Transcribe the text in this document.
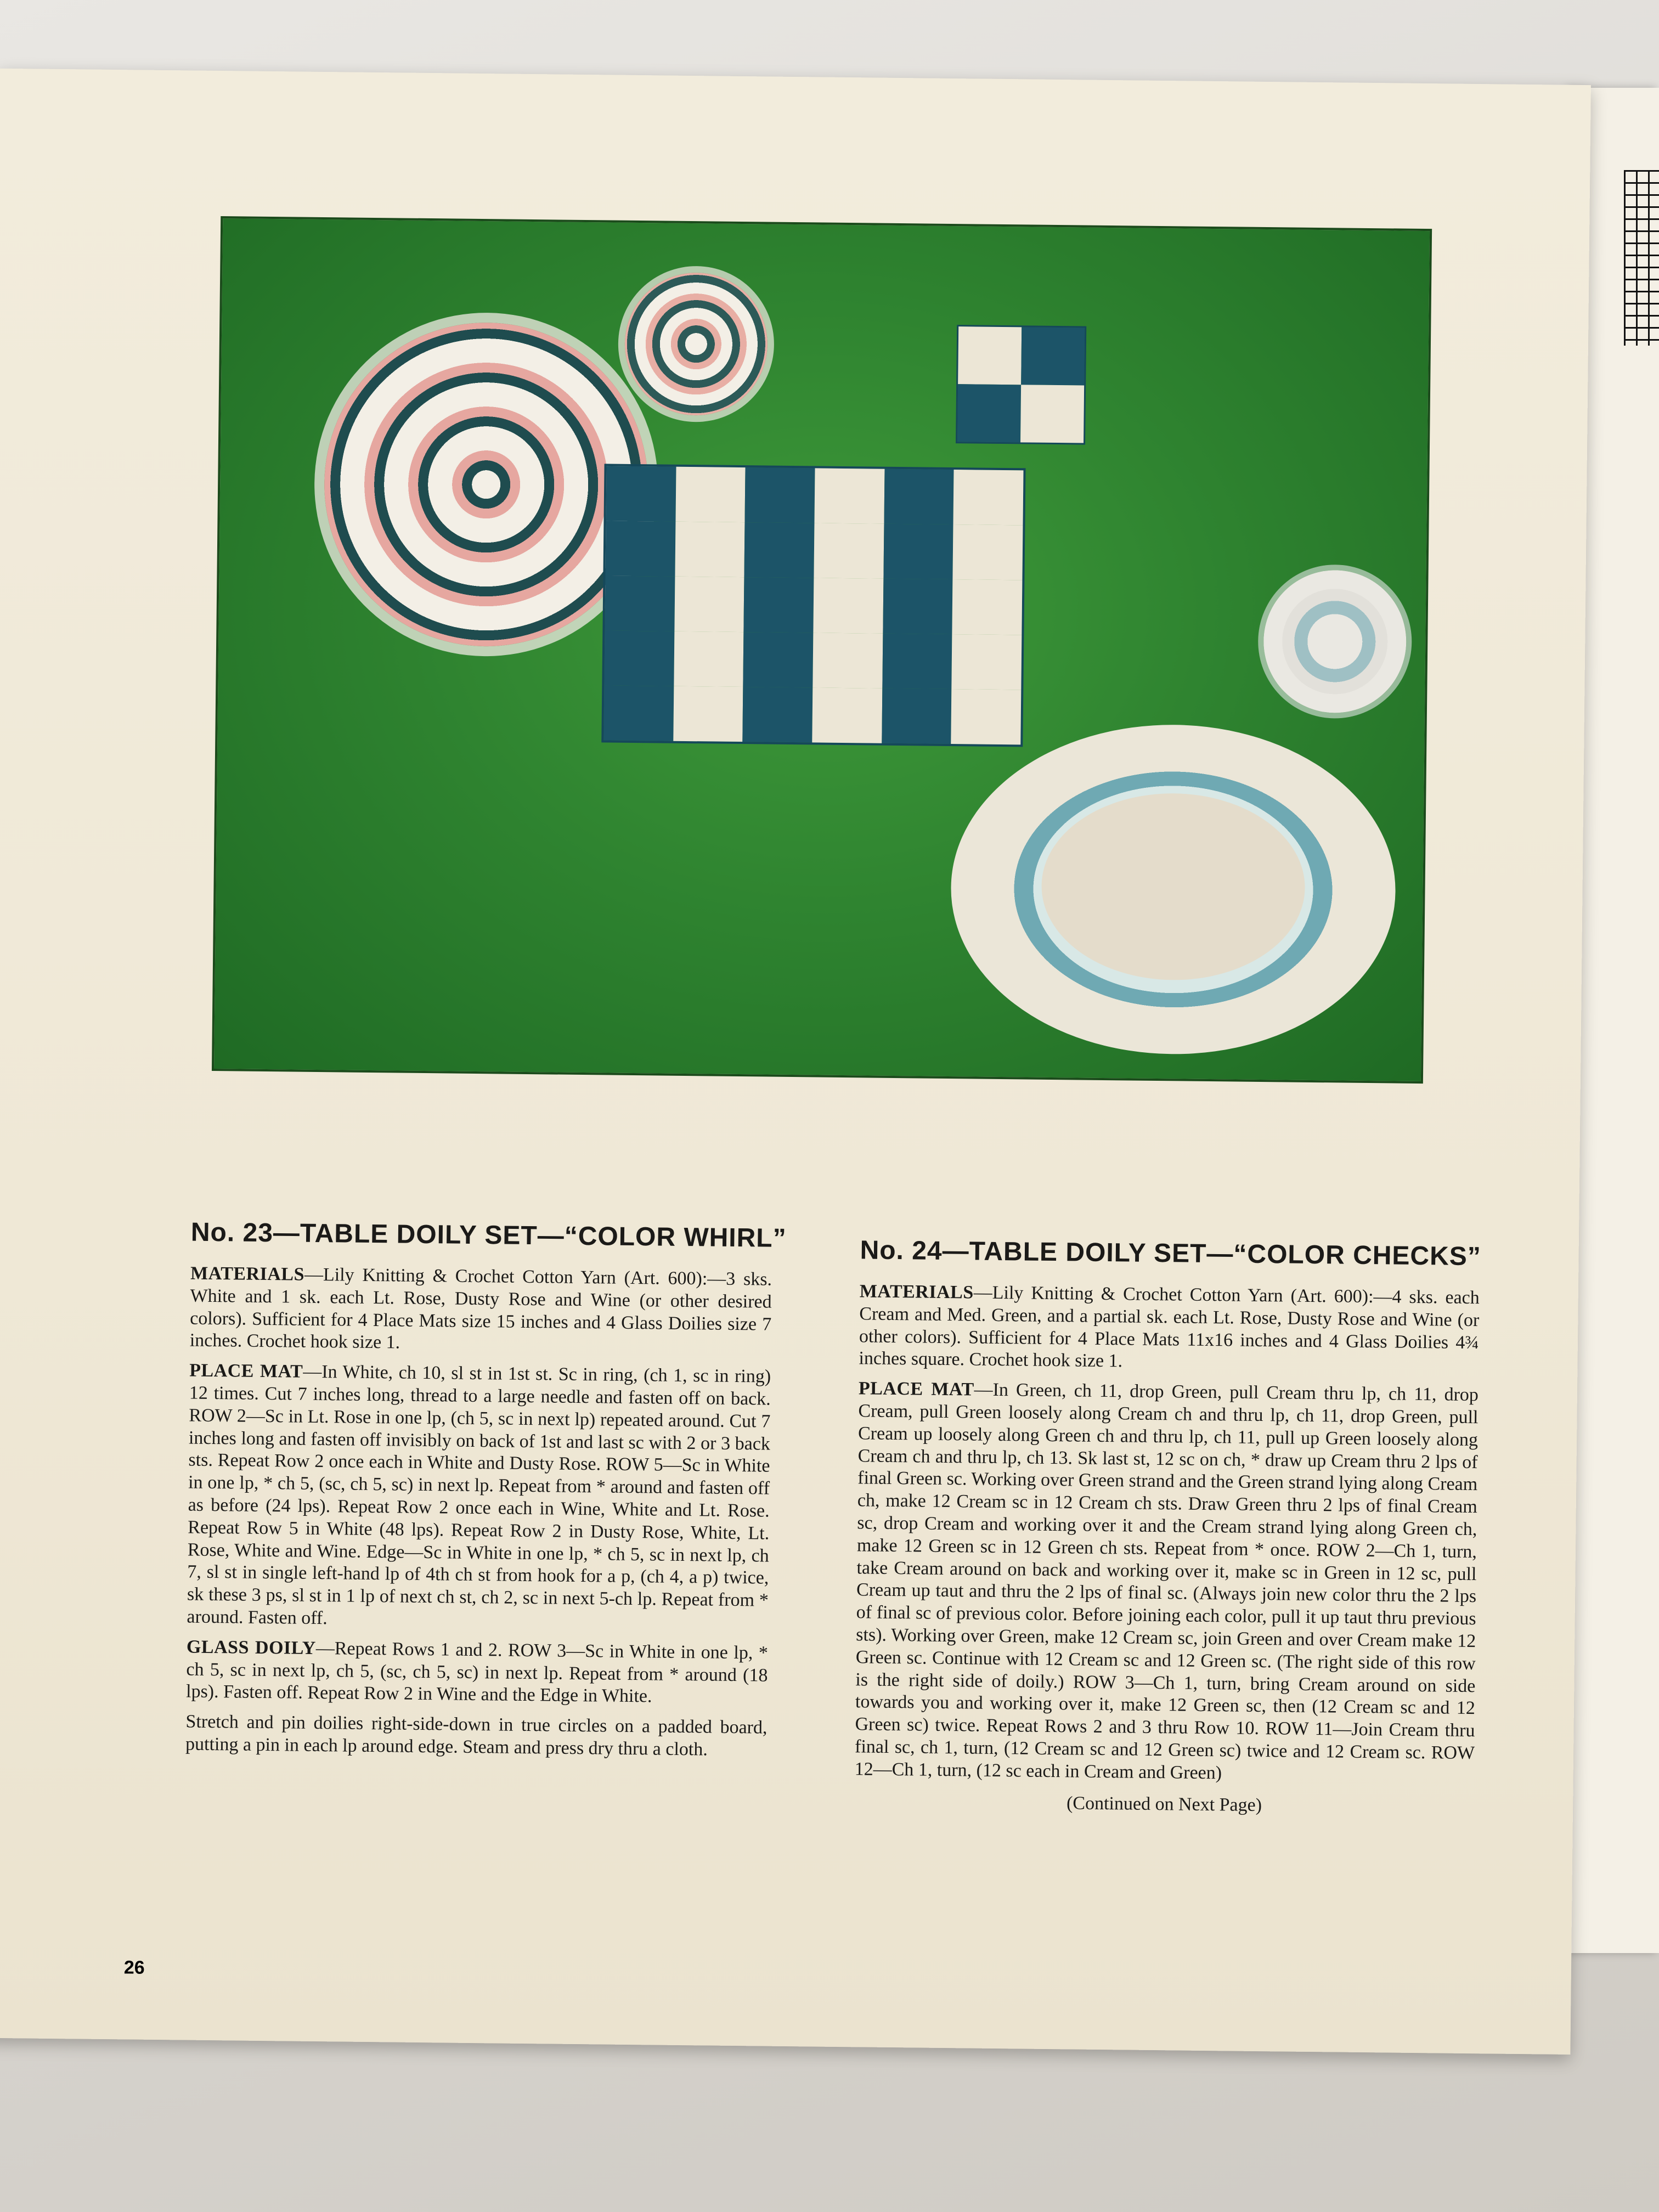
No. 23—TABLE DOILY SET—“COLOR WHIRL”

MATERIALS—Lily Knitting & Crochet Cotton Yarn (Art. 600):—3 sks. White and 1 sk. each Lt. Rose, Dusty Rose and Wine (or other desired colors). Sufficient for 4 Place Mats size 15 inches and 4 Glass Doilies size 7 inches. Crochet hook size 1.

PLACE MAT—In White, ch 10, sl st in 1st st. Sc in ring, (ch 1, sc in ring) 12 times. Cut 7 inches long, thread to a large needle and fasten off on back. ROW 2—Sc in Lt. Rose in one lp, (ch 5, sc in next lp) repeated around. Cut 7 inches long and fasten off invisibly on back of 1st and last sc with 2 or 3 back sts. Repeat Row 2 once each in White and Dusty Rose. ROW 5—Sc in White in one lp, * ch 5, (sc, ch 5, sc) in next lp. Repeat from * around and fasten off as before (24 lps). Repeat Row 2 once each in Wine, White and Lt. Rose. Repeat Row 5 in White (48 lps). Repeat Row 2 in Dusty Rose, White, Lt. Rose, White and Wine. Edge—Sc in White in one lp, * ch 5, sc in next lp, ch 7, sl st in single left-hand lp of 4th ch st from hook for a p, (ch 4, a p) twice, sk these 3 ps, sl st in 1 lp of next ch st, ch 2, sc in next 5-ch lp. Repeat from * around. Fasten off.

GLASS DOILY—Repeat Rows 1 and 2. ROW 3—Sc in White in one lp, * ch 5, sc in next lp, ch 5, (sc, ch 5, sc) in next lp. Repeat from * around (18 lps). Fasten off. Repeat Row 2 in Wine and the Edge in White.

Stretch and pin doilies right-side-down in true circles on a padded board, putting a pin in each lp around edge. Steam and press dry thru a cloth.

No. 24—TABLE DOILY SET—“COLOR CHECKS”

MATERIALS—Lily Knitting & Crochet Cotton Yarn (Art. 600):—4 sks. each Cream and Med. Green, and a partial sk. each Lt. Rose, Dusty Rose and Wine (or other colors). Sufficient for 4 Place Mats 11x16 inches and 4 Glass Doilies 4¾ inches square. Crochet hook size 1.

PLACE MAT—In Green, ch 11, drop Green, pull Cream thru lp, ch 11, drop Cream, pull Green loosely along Cream ch and thru lp, ch 11, drop Green, pull Cream up loosely along Green ch and thru lp, ch 11, pull up Green loosely along Cream ch and thru lp, ch 13. Sk last st, 12 sc on ch, * draw up Cream thru 2 lps of final Green sc. Working over Green strand and the Green strand lying along Cream ch, make 12 Cream sc in 12 Cream ch sts. Draw Green thru 2 lps of final Cream sc, drop Cream and working over it and the Cream strand lying along Green ch, make 12 Green sc in 12 Green ch sts. Repeat from * once. ROW 2—Ch 1, turn, take Cream around on back and working over it, make sc in Green in 12 sc, pull Cream up taut and thru the 2 lps of final sc. (Always join new color thru the 2 lps of final sc of previous color. Before joining each color, pull it up taut thru previous sts). Working over Green, make 12 Cream sc, join Green and over Cream make 12 Green sc. Continue with 12 Cream sc and 12 Green sc. (The right side of this row is the right side of doily.) ROW 3—Ch 1, turn, bring Cream around on side towards you and working over it, make 12 Green sc, then (12 Cream sc and 12 Green sc) twice. Repeat Rows 2 and 3 thru Row 10. ROW 11—Join Cream thru final sc, ch 1, turn, (12 Cream sc and 12 Green sc) twice and 12 Cream sc. ROW 12—Ch 1, turn, (12 sc each in Cream and Green)

(Continued on Next Page)
26
